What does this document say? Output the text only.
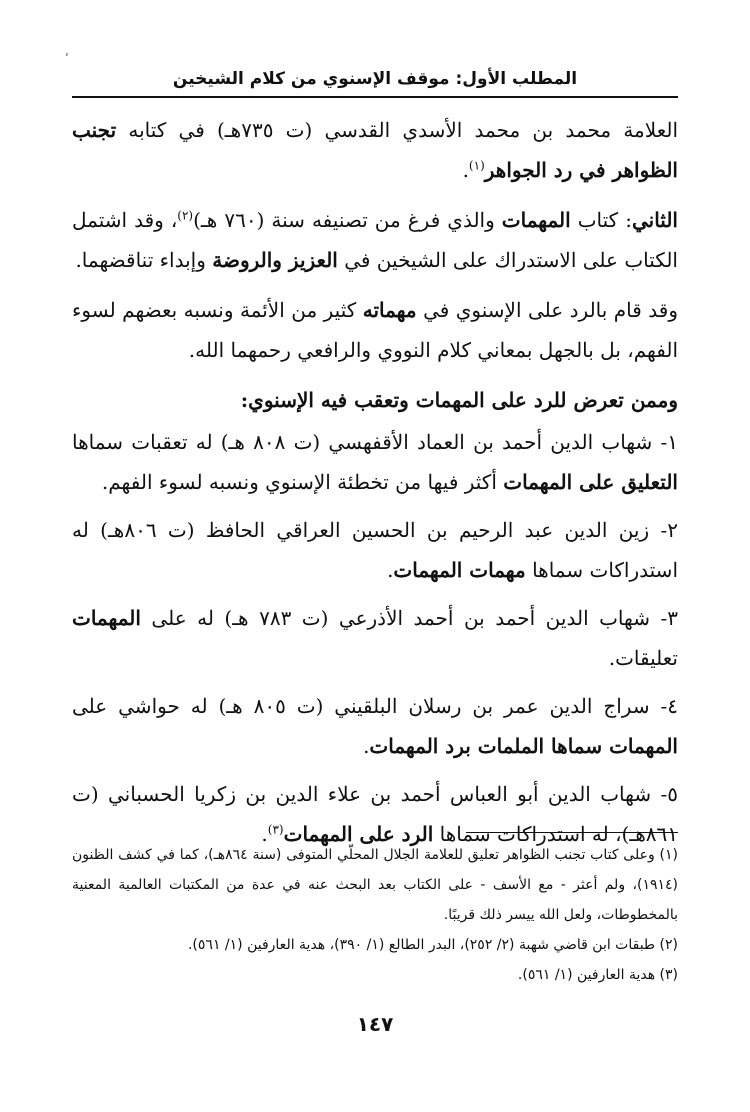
المطلب الأول: موقف الإسنوي من كلام الشيخين

العلامة محمد بن محمد الأسدي القدسي (ت ٧٣٥هـ) في كتابه تجنب الظواهر في رد الجواهر$^{(١)}$.

الثاني: كتاب المهمات والذي فرغ من تصنيفه سنة (٧٦٠ هـ)$^{(٢)}$، وقد اشتمل الكتاب على الاستدراك على الشيخين في العزيز والروضة وإبداء تناقضهما.

وقد قام بالرد على الإسنوي في مهماته كثير من الأئمة ونسبه بعضهم لسوء الفهم، بل بالجهل بمعاني كلام النووي والرافعي رحمهما الله.

وممن تعرض للرد على المهمات وتعقب فيه الإسنوي:

١- شهاب الدين أحمد بن العماد الأقفهسي (ت ٨٠٨ هـ) له تعقبات سماها التعليق على المهمات أكثر فيها من تخطئة الإسنوي ونسبه لسوء الفهم.

٢- زين الدين عبد الرحيم بن الحسين العراقي الحافظ (ت ٨٠٦هـ) له استدراكات سماها مهمات المهمات.

٣- شهاب الدين أحمد بن أحمد الأذرعي (ت ٧٨٣ هـ) له على المهمات تعليقات.

٤- سراج الدين عمر بن رسلان البلقيني (ت ٨٠٥ هـ) له حواشي على المهمات سماها الملمات برد المهمات.

٥- شهاب الدين أبو العباس أحمد بن علاء الدين بن زكريا الحسباني (ت ٨٦١هـ)، له استدراكات سماها الرد على المهمات$^{(٣)}$.

(١) وعلى كتاب تجنب الظواهر تعليق للعلامة الجلال المحلّي المتوفى (سنة ٨٦٤هـ)، كما في كشف الظنون (١٩١٤)، ولم أعثر - مع الأسف - على الكتاب بعد البحث عنه في عدة من المكتبات العالمية المعنية بالمخطوطات، ولعل الله ييسر ذلك قريبًا.

(٢) طبقات ابن قاضي شهبة (٢/ ٢٥٢)، البدر الطالع (١/ ٣٩٠)، هدية العارفين (١/ ٥٦١).

(٣) هدية العارفين (١/ ٥٦١).

١٤٧
